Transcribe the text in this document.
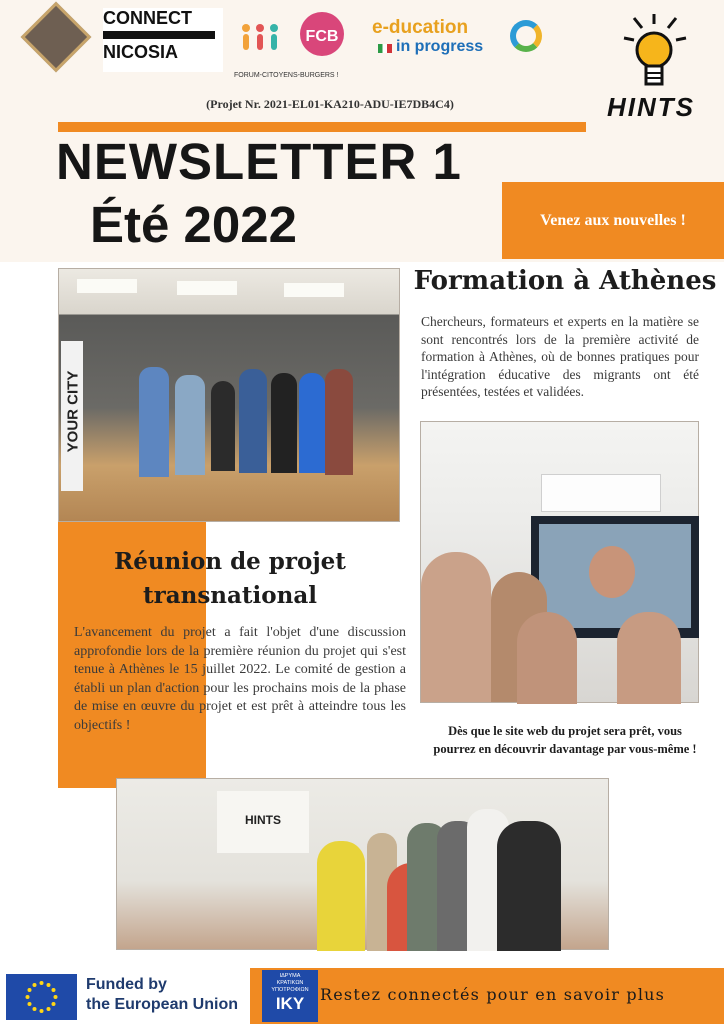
CONNECT
NICOSIA
FCB
FORUM-CITOYENS-BURGERS !
e-ducation
in progress
HINTS
(Projet Nr. 2021-EL01-KA210-ADU-IE7DB4C4)
NEWSLETTER 1
Été 2022	Venez aux nouvelles !
YOUR CITY
Formation à Athènes
Chercheurs, formateurs et experts en la matière se sont rencontrés lors de la première activité de formation à Athènes, où de bonnes pratiques pour l'intégration éducative des migrants ont été présentées, testées et validées.
Réunion de projet transnational
L'avancement du projet a fait l'objet d'une discussion approfondie lors de la première réunion du projet qui s'est tenue à Athènes le 15 juillet 2022. Le comité de gestion a établi un plan d'action pour les prochains mois de la phase de mise en œuvre du projet et est prêt à atteindre tous les objectifs !	Dès que le site web du projet sera prêt, vous pourrez en découvrir davantage par vous-même !
HINTS
Funded by
the European Union
ΙΔΡΥΜΑ ΚΡΑΤΙΚΩΝ ΥΠΟΤΡΟΦΙΩΝ
IKY Restez connectés pour en savoir plus
